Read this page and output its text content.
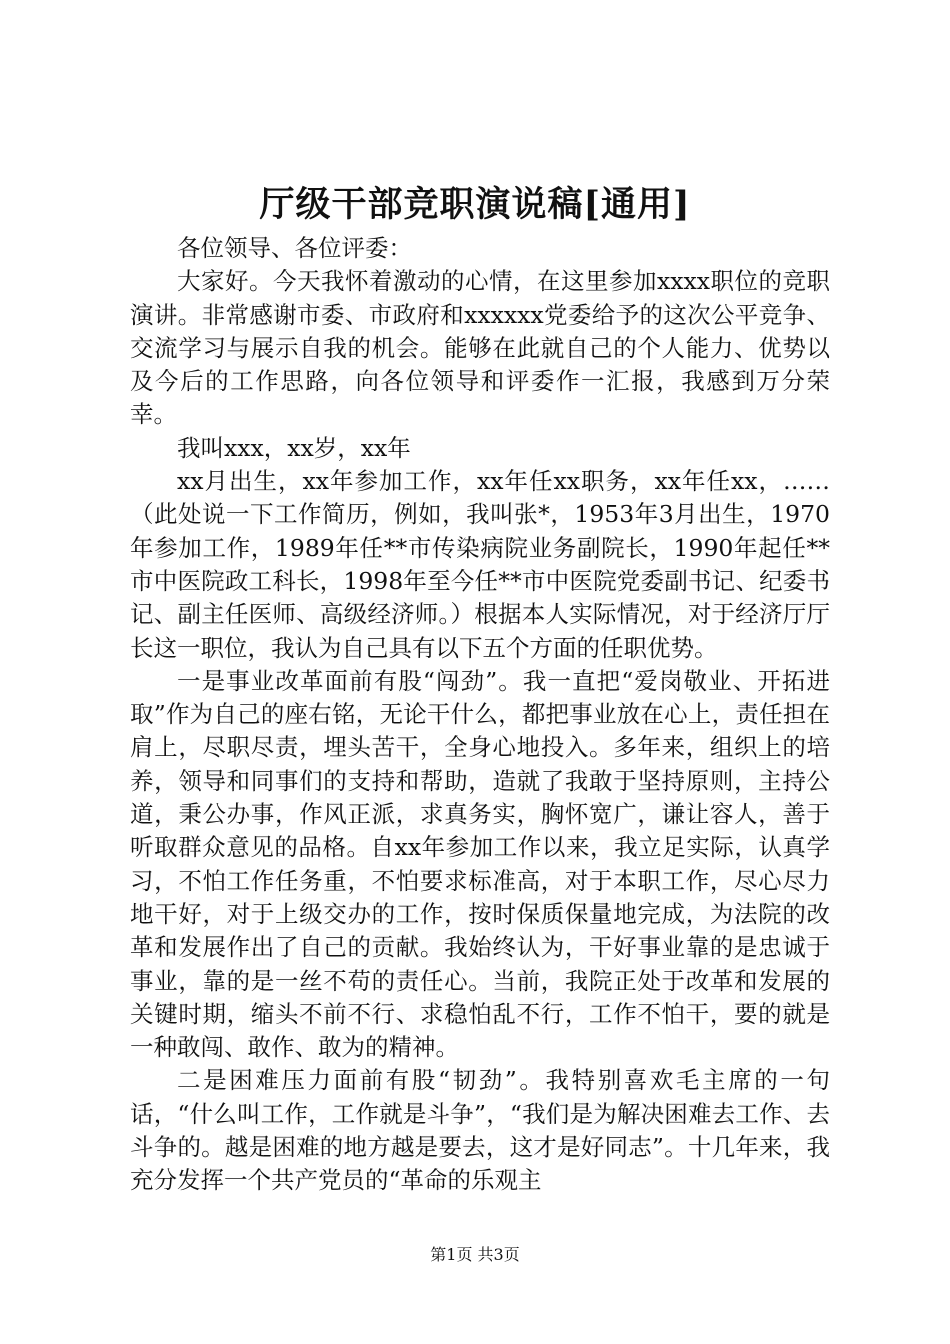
厅级干部竞职演说稿[通用]

各位领导、各位评委：

大家好。今天我怀着激动的心情，在这里参加xxxx职位的竞职演讲。非常感谢市委、市政府和xxxxxx党委给予的这次公平竞争、交流学习与展示自我的机会。能够在此就自己的个人能力、优势以及今后的工作思路，向各位领导和评委作一汇报，我感到万分荣幸。

我叫xxx，xx岁，xx年

xx月出生，xx年参加工作，xx年任xx职务，xx年任xx，……（此处说一下工作简历，例如，我叫张*，1953年3月出生，1970年参加工作，1989年任**市传染病院业务副院长，1990年起任**市中医院政工科长，1998年至今任**市中医院党委副书记、纪委书记、副主任医师、高级经济师。）根据本人实际情况，对于经济厅厅长这一职位，我认为自己具有以下五个方面的任职优势。

一是事业改革面前有股“闯劲”。我一直把“爱岗敬业、开拓进取”作为自己的座右铭，无论干什么，都把事业放在心上，责任担在肩上，尽职尽责，埋头苦干，全身心地投入。多年来，组织上的培养，领导和同事们的支持和帮助，造就了我敢于坚持原则，主持公道，秉公办事，作风正派，求真务实，胸怀宽广，谦让容人，善于听取群众意见的品格。自xx年参加工作以来，我立足实际，认真学习，不怕工作任务重，不怕要求标准高，对于本职工作，尽心尽力地干好，对于上级交办的工作，按时保质保量地完成，为法院的改革和发展作出了自己的贡献。我始终认为，干好事业靠的是忠诚于事业，靠的是一丝不苟的责任心。当前，我院正处于改革和发展的关键时期，缩头不前不行、求稳怕乱不行，工作不怕干，要的就是一种敢闯、敢作、敢为的精神。

二是困难压力面前有股“韧劲”。我特别喜欢毛主席的一句话，“什么叫工作，工作就是斗争”，“我们是为解决困难去工作、去斗争的。越是困难的地方越是要去，这才是好同志”。十几年来，我充分发挥一个共产党员的“革命的乐观主

第1页 共3页
